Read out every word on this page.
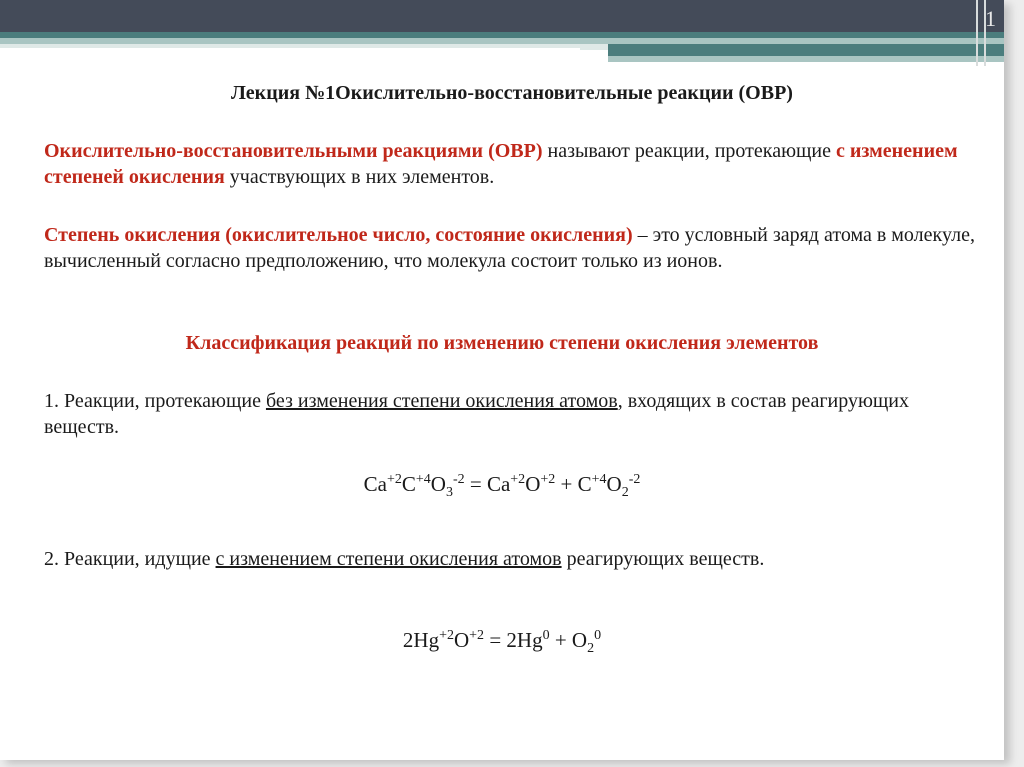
1
Лекция №1Окислительно-восстановительные реакции (ОВР)
Окислительно-восстановительными реакциями (ОВР) называют реакции, протекающие с изменением степеней окисления участвующих в них элементов.
Степень окисления (окислительное число, состояние окисления) – это условный заряд атома в молекуле, вычисленный согласно предположению, что молекула состоит только из ионов.
Классификация реакций по изменению степени окисления элементов
1. Реакции, протекающие без изменения степени окисления атомов, входящих в состав реагирующих веществ.
$Ca^{+2}C^{+4}O_3^{-2} = Ca^{+2}O^{+2} + C^{+4}O_2^{-2}$
2. Реакции, идущие с изменением степени окисления атомов реагирующих веществ.
$2Hg^{+2}O^{+2} = 2Hg^0 + O_2^0$
